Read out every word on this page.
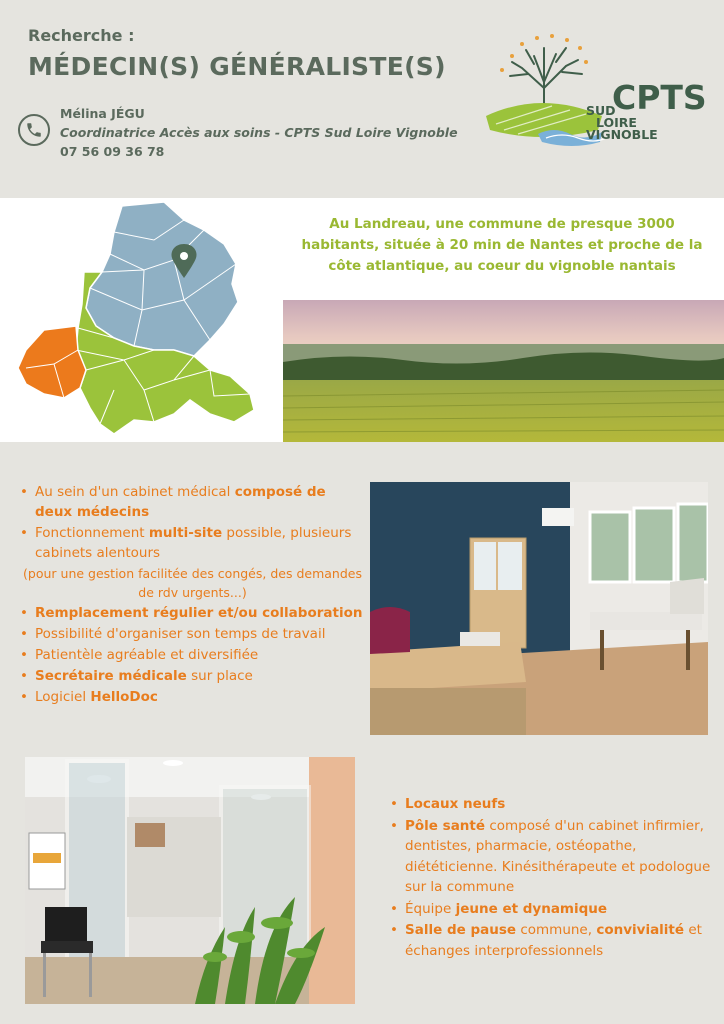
Recherche :
MÉDECIN(S) GÉNÉRALISTE(S)
Mélina JÉGU
Coordinatrice Accès aux soins - CPTS Sud Loire Vignoble
07 56 09 36 78
CPTS
SUD
LOIRE
VIGNOBLE
Au Landreau, une commune de presque 3000 habitants, située à 20 min de Nantes et proche de la côte atlantique, au coeur du vignoble nantais
• Au sein d'un cabinet médical composé de deux médecins
• Fonctionnement multi-site possible, plusieurs cabinets alentours
(pour une gestion facilitée des congés, des demandes de rdv urgents...)
• Remplacement régulier et/ou collaboration
• Possibilité d'organiser son temps de travail
• Patientèle agréable et diversifiée
• Secrétaire médicale sur place
• Logiciel HelloDoc
• Locaux neufs
• Pôle santé composé d'un cabinet infirmier, dentistes, pharmacie, ostéopathe, diététicienne. Kinésithérapeute et podologue sur la commune
• Équipe jeune et dynamique
• Salle de pause commune, convivialité et échanges interprofessionnels
